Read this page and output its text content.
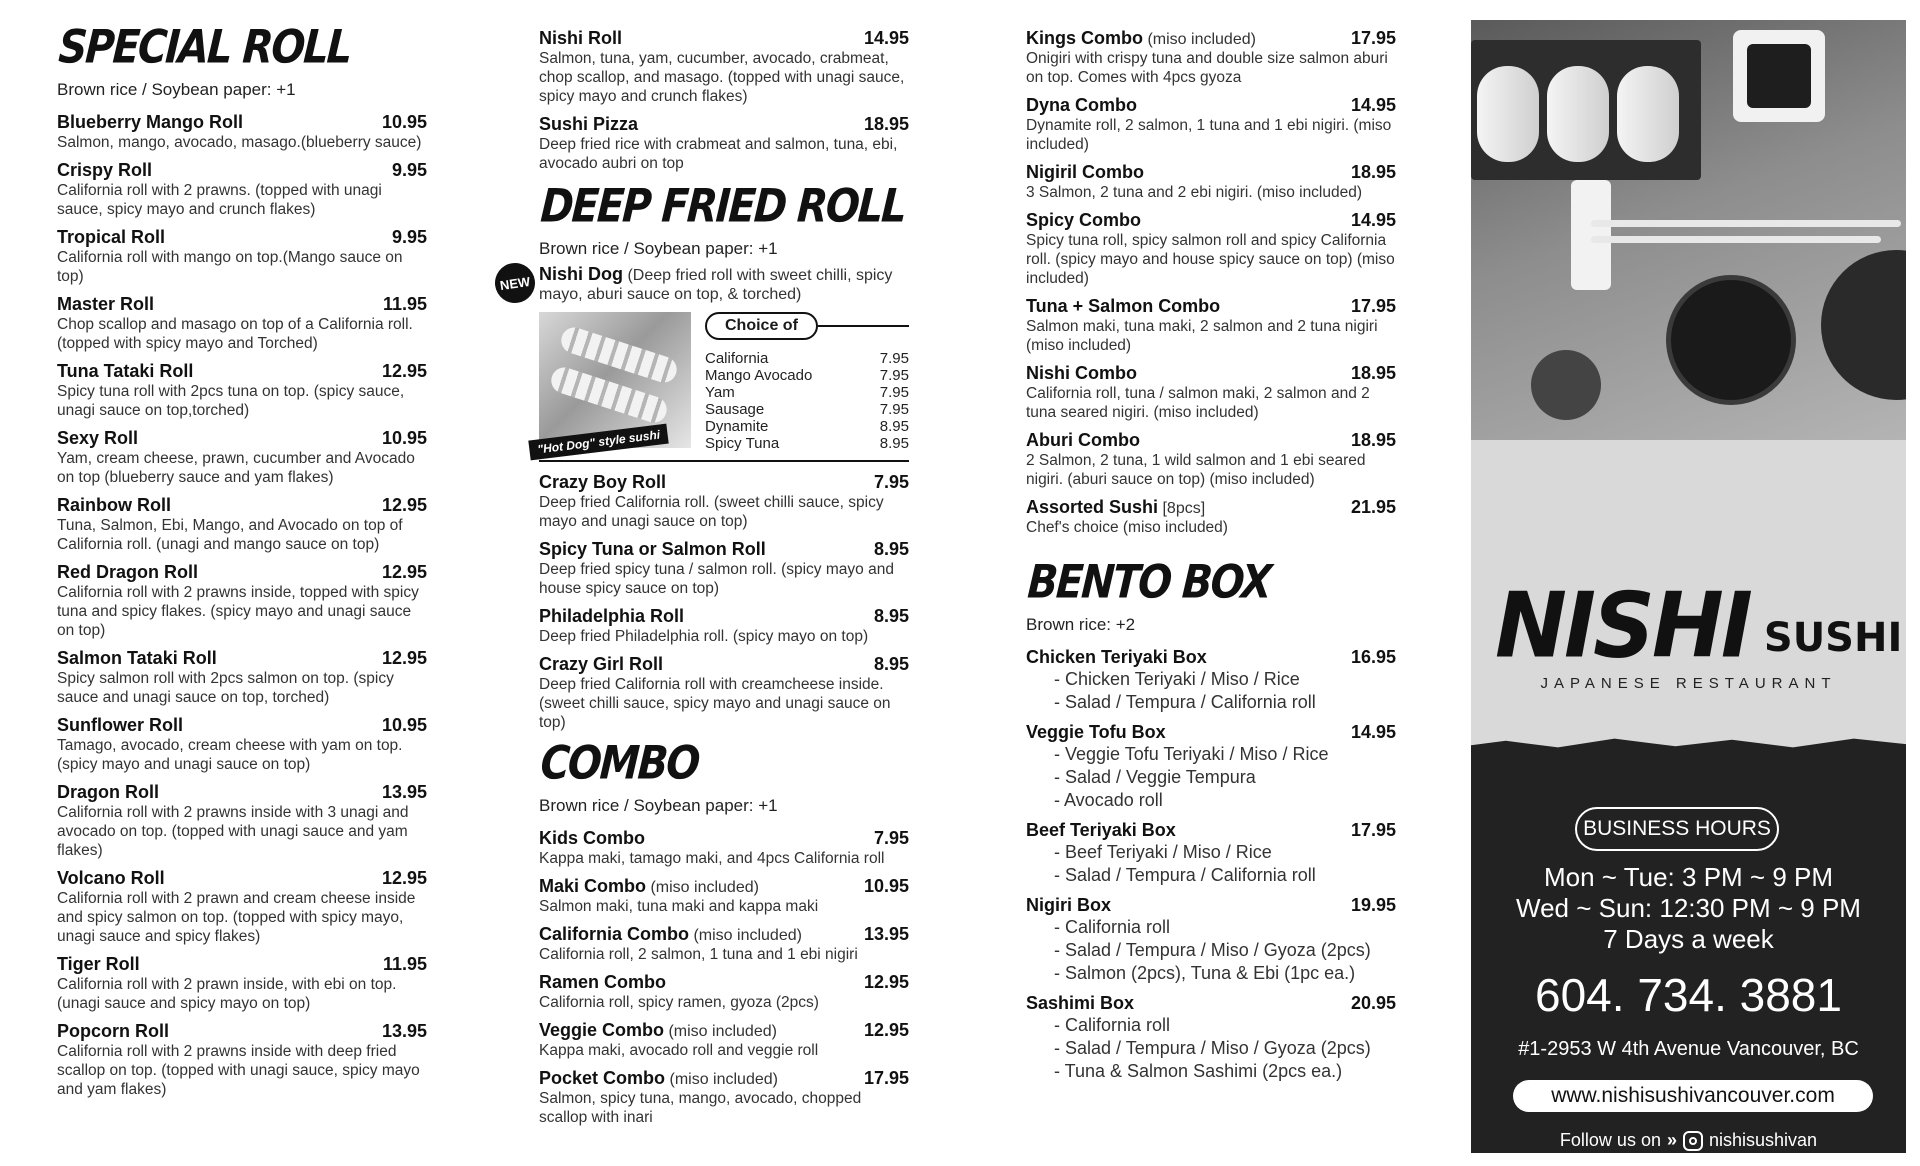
SPECIAL ROLL
Brown rice / Soybean paper: +1
Blueberry Mango Roll	10.95
Salmon, mango, avocado, masago.(blueberry sauce)
Crispy Roll	9.95
California roll with 2 prawns. (topped with unagi sauce, spicy mayo and crunch flakes)
Tropical Roll	9.95
California roll with mango on top.(Mango sauce on top)
Master Roll	11.95
Chop scallop and masago on top of a California roll. (topped with spicy mayo and Torched)
Tuna Tataki Roll	12.95
Spicy tuna roll with 2pcs tuna on top. (spicy sauce, unagi sauce on top,torched)
Sexy Roll	10.95
Yam, cream cheese, prawn, cucumber and Avocado on top (blueberry sauce and yam flakes)
Rainbow Roll	12.95
Tuna, Salmon, Ebi, Mango, and Avocado on top of California roll. (unagi and mango sauce on top)
Red Dragon Roll	12.95
California roll with 2 prawns inside, topped with spicy tuna and spicy flakes. (spicy mayo and unagi sauce on top)
Salmon Tataki Roll	12.95
Spicy salmon roll with 2pcs salmon on top. (spicy sauce and unagi sauce on top, torched)
Sunflower Roll	10.95
Tamago, avocado, cream cheese with yam on top. (spicy mayo and unagi sauce on top)
Dragon Roll	13.95
California roll with 2 prawns inside with 3 unagi and avocado on top. (topped with unagi sauce and yam flakes)
Volcano Roll	12.95
California roll with 2 prawn and cream cheese inside and spicy salmon on top. (topped with spicy mayo, unagi sauce and spicy flakes)
Tiger Roll	11.95
California roll with 2 prawn inside, with ebi on top. (unagi sauce and spicy mayo on top)
Popcorn Roll	13.95
California roll with 2 prawns inside with deep fried scallop on top. (topped with unagi sauce, spicy mayo and yam flakes)
Nishi Roll	14.95
Salmon, tuna, yam, cucumber, avocado, crabmeat, chop scallop, and masago. (topped with unagi sauce, spicy mayo and crunch flakes)
Sushi Pizza	18.95
Deep fried rice with crabmeat and salmon, tuna, ebi, avocado aubri on top
DEEP FRIED ROLL
Brown rice / Soybean paper: +1
NEW Nishi Dog (Deep fried roll with sweet chilli, spicy mayo, aburi sauce on top, & torched)
"Hot Dog" style sushi
Choice of
California	7.95
Mango Avocado	7.95
Yam	7.95
Sausage	7.95
Dynamite	8.95
Spicy Tuna	8.95
Crazy Boy Roll	7.95
Deep fried California roll. (sweet chilli sauce, spicy mayo and unagi sauce on top)
Spicy Tuna or Salmon Roll	8.95
Deep fried spicy tuna / salmon roll. (spicy mayo and house spicy sauce on top)
Philadelphia Roll	8.95
Deep fried Philadelphia roll. (spicy mayo on top)
Crazy Girl Roll	8.95
Deep fried California roll with creamcheese inside. (sweet chilli sauce, spicy mayo and unagi sauce on top)
COMBO
Brown rice / Soybean paper: +1
Kids Combo	7.95
Kappa maki, tamago maki, and 4pcs California roll
Maki Combo (miso included)	10.95
Salmon maki, tuna maki and kappa maki
California Combo (miso included)	13.95
California roll, 2 salmon, 1 tuna and 1 ebi nigiri
Ramen Combo	12.95
California roll, spicy ramen, gyoza (2pcs)
Veggie Combo (miso included)	12.95
Kappa maki, avocado roll and veggie roll
Pocket Combo (miso included)	17.95
Salmon, spicy tuna, mango, avocado, chopped scallop with inari
Kings Combo (miso included)	17.95
Onigiri with crispy tuna and double size salmon aburi on top. Comes with 4pcs gyoza
Dyna Combo	14.95
Dynamite roll, 2 salmon, 1 tuna and 1 ebi nigiri. (miso included)
Nigiril Combo	18.95
3 Salmon, 2 tuna and 2 ebi nigiri. (miso included)
Spicy Combo	14.95
Spicy tuna roll, spicy salmon roll and spicy California roll. (spicy mayo and house spicy sauce on top) (miso included)
Tuna + Salmon Combo	17.95
Salmon maki, tuna maki, 2 salmon and 2 tuna nigiri (miso included)
Nishi Combo	18.95
California roll, tuna / salmon maki, 2 salmon and 2 tuna seared nigiri. (miso included)
Aburi Combo	18.95
2 Salmon, 2 tuna, 1 wild salmon and 1 ebi seared nigiri. (aburi sauce on top) (miso included)
Assorted Sushi [8pcs]	21.95
Chef's choice (miso included)
BENTO BOX
Brown rice: +2
Chicken Teriyaki Box	16.95
- Chicken Teriyaki / Miso / Rice
- Salad / Tempura / California roll
Veggie Tofu Box	14.95
- Veggie Tofu Teriyaki / Miso / Rice
- Salad / Veggie Tempura
- Avocado roll
Beef Teriyaki Box	17.95
- Beef Teriyaki / Miso / Rice
- Salad / Tempura / California roll
Nigiri Box	19.95
- California roll
- Salad / Tempura / Miso / Gyoza (2pcs)
- Salmon (2pcs), Tuna & Ebi (1pc ea.)
Sashimi Box	20.95
- California roll
- Salad / Tempura / Miso / Gyoza (2pcs)
- Tuna & Salmon Sashimi (2pcs ea.)
NISHI SUSHI
JAPANESE RESTAURANT
BUSINESS HOURS
Mon ~ Tue: 3 PM ~ 9 PM
Wed ~ Sun: 12:30 PM ~ 9 PM
7 Days a week
604. 734. 3881
#1-2953 W 4th Avenue Vancouver, BC
www.nishisushivancouver.com
Follow us on » nishisushivan
